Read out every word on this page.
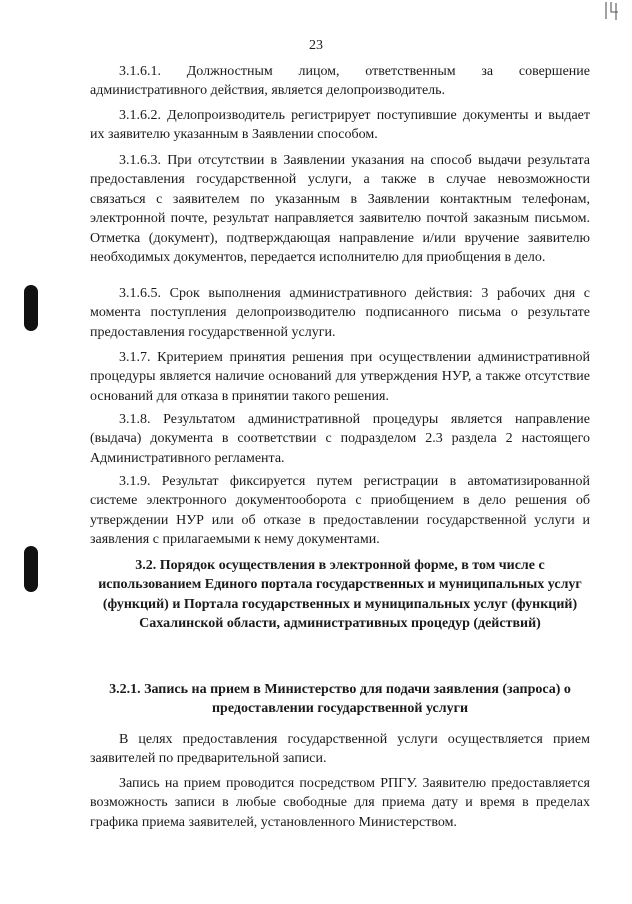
23

3.1.6.1. Должностным лицом, ответственным за совершение административного действия, является делопроизводитель.

3.1.6.2. Делопроизводитель регистрирует поступившие документы и выдает их заявителю указанным в Заявлении способом.

3.1.6.3. При отсутствии в Заявлении указания на способ выдачи результата предоставления государственной услуги, а также в случае невозможности связаться с заявителем по указанным в Заявлении контактным телефонам, электронной почте, результат направляется заявителю почтой заказным письмом. Отметка (документ), подтверждающая направление и/или вручение заявителю необходимых документов, передается исполнителю для приобщения в дело.

3.1.6.5. Срок выполнения административного действия: 3 рабочих дня с момента поступления делопроизводителю подписанного письма о результате предоставления государственной услуги.

3.1.7. Критерием принятия решения при осуществлении административной процедуры является наличие оснований для утверждения НУР, а также отсутствие оснований для отказа в принятии такого решения.

3.1.8. Результатом административной процедуры является направление (выдача) документа в соответствии с подразделом 2.3 раздела 2 настоящего Административного регламента.

3.1.9. Результат фиксируется путем регистрации в автоматизированной системе электронного документооборота с приобщением в дело решения об утверждении НУР или об отказе в предоставлении государственной услуги и заявления с прилагаемыми к нему документами.

3.2. Порядок осуществления в электронной форме, в том числе с использованием Единого портала государственных и муниципальных услуг (функций) и Портала государственных и муниципальных услуг (функций) Сахалинской области, административных процедур (действий)
3.2.1. Запись на прием в Министерство для подачи заявления (запроса) о предоставлении государственной услуги

В целях предоставления государственной услуги осуществляется прием заявителей по предварительной записи.

Запись на прием проводится посредством РПГУ. Заявителю предоставляется возможность записи в любые свободные для приема дату и время в пределах графика приема заявителей, установленного Министерством.
